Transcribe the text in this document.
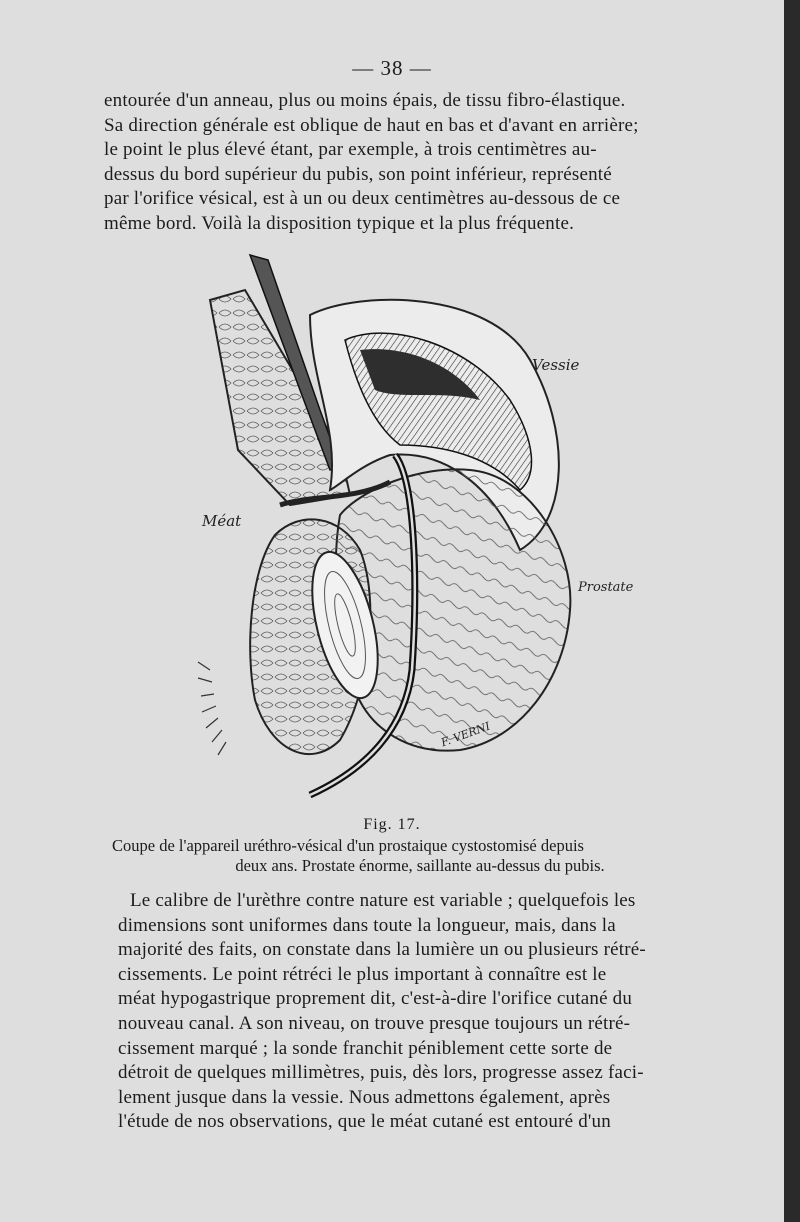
— 38 —
entourée d'un anneau, plus ou moins épais, de tissu fibro-élastique.
Sa direction générale est oblique de haut en bas et d'avant en arrière;
le point le plus élevé étant, par exemple, à trois centimètres au-
dessus du bord supérieur du pubis, son point inférieur, représenté
par l'orifice vésical, est à un ou deux centimètres au-dessous de ce
même bord. Voilà la disposition typique et la plus fréquente.
Vessie
Méat
Prostate
F. VERNI
Fig. 17.
Coupe de l'appareil uréthro-vésical d'un prostaique cystostomisé depuis
deux ans. Prostate énorme, saillante au-dessus du pubis.
Le calibre de l'urèthre contre nature est variable ; quelquefois les
dimensions sont uniformes dans toute la longueur, mais, dans la
majorité des faits, on constate dans la lumière un ou plusieurs rétré-
cissements. Le point rétréci le plus important à connaître est le
méat hypogastrique proprement dit, c'est-à-dire l'orifice cutané du
nouveau canal. A son niveau, on trouve presque toujours un rétré-
cissement marqué ; la sonde franchit péniblement cette sorte de
détroit de quelques millimètres, puis, dès lors, progresse assez faci-
lement jusque dans la vessie. Nous admettons également, après
l'étude de nos observations, que le méat cutané est entouré d'un
